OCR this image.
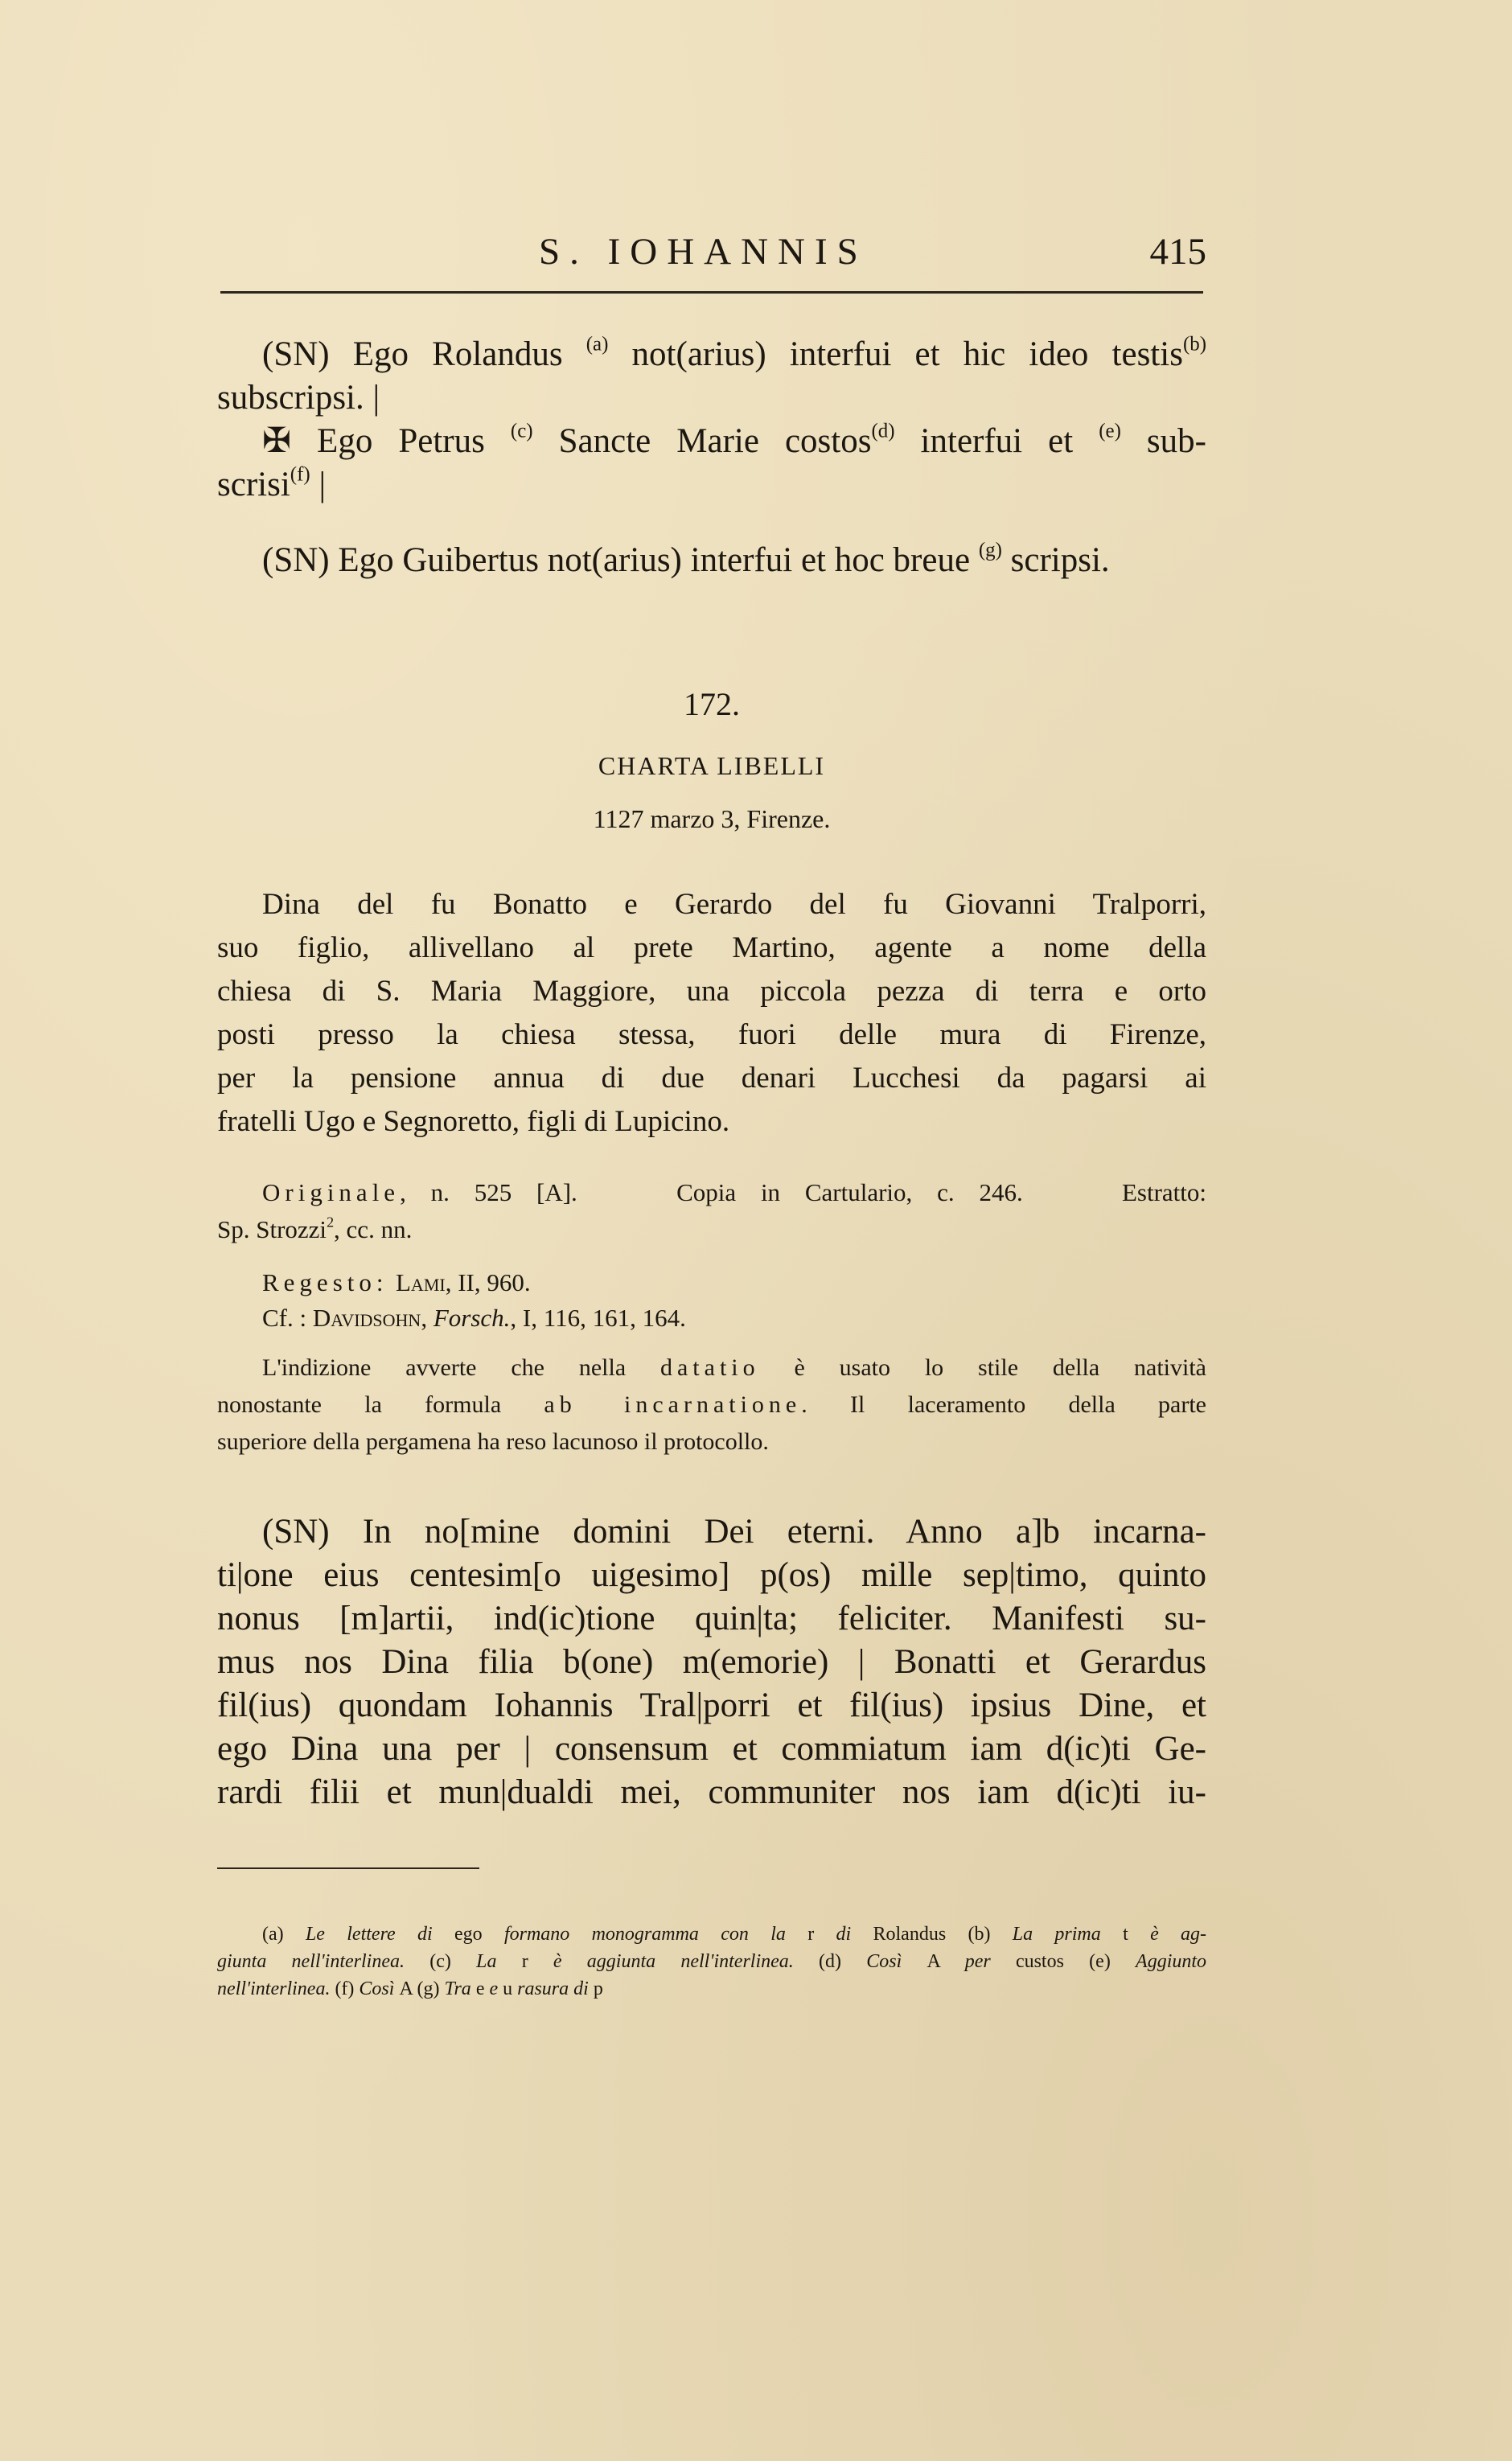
S. IOHANNIS	415
(SN) Ego Rolandus $^{(a)}$ not(arius) interfui et hic ideo testis$^{(b)}$
subscripsi. |
✠ Ego Petrus $^{(c)}$ Sancte Marie costos$^{(d)}$ interfui et $^{(e)}$ sub-
scrisi$^{(f)}$ |
(SN) Ego Guibertus not(arius) interfui et hoc breue $^{(g)}$ scripsi.
172.
CHARTA LIBELLI
1127 marzo 3, Firenze.
Dina del fu Bonatto e Gerardo del fu Giovanni Tralporri,
suo figlio, allivellano al prete Martino, agente a nome della
chiesa di S. Maria Maggiore, una piccola pezza di terra e orto
posti presso la chiesa stessa, fuori delle mura di Firenze,
per la pensione annua di due denari Lucchesi da pagarsi ai
fratelli Ugo e Segnoretto, figli di Lupicino.
Originale, n. 525 [A].	Copia in Cartulario, c. 246.	Estratto:
Sp. Strozzi$^2$, cc. nn.
Regesto: Lami, II, 960.
Cf. : Davidsohn, Forsch., I, 116, 161, 164.
L'indizione avverte che nella datatio è usato lo stile della natività
nonostante la formula ab incarnatione. Il laceramento della parte
superiore della pergamena ha reso lacunoso il protocollo.
(SN) In no[mine domini Dei eterni. Anno a]b incarna-
ti|one eius centesim[o uigesimo] p(os) mille sep|timo, quinto
nonus [m]artii, ind(ic)tione quin|ta; feliciter. Manifesti su-
mus nos Dina filia b(one) m(emorie) | Bonatti et Gerardus
fil(ius) quondam Iohannis Tral|porri et fil(ius) ipsius Dine, et
ego Dina una per | consensum et commiatum iam d(ic)ti Ge-
rardi filii et mun|dualdi mei, communiter nos iam d(ic)ti iu-
(a) Le lettere di ego formano monogramma con la r di Rolandus (b) La prima t è ag-
giunta nell'interlinea. (c) La r è aggiunta nell'interlinea. (d) Così A per custos (e) Aggiunto
nell'interlinea. (f) Così A (g) Tra e e u rasura di p
